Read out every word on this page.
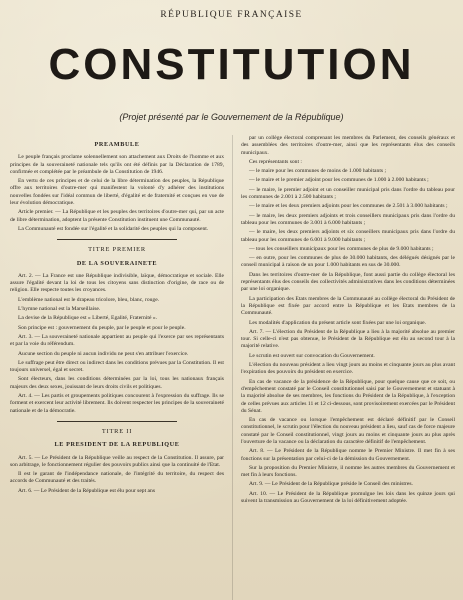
RÉPUBLIQUE FRANÇAISE
CONSTITUTION
(Projet présenté par le Gouvernement de la République)
PREAMBULE

Le peuple français proclame solennellement son attachement aux Droits de l'homme et aux principes de la souveraineté nationale tels qu'ils ont été définis par la Déclaration de 1789, confirmée et complétée par le préambule de la Constitution de 1946.

En vertu de ces principes et de celui de la libre détermination des peuples, la République offre aux territoires d'outre-mer qui manifestent la volonté d'y adhérer des institutions nouvelles fondées sur l'idéal commun de liberté, d'égalité et de fraternité et conçues en vue de leur évolution démocratique.

Article premier. — La République et les peuples des territoires d'outre-mer qui, par un acte de libre détermination, adoptent la présente Constitution instituent une Communauté.

La Communauté est fondée sur l'égalité et la solidarité des peuples qui la composent.

TITRE PREMIER
DE LA SOUVERAINETE

Art. 2. — La France est une République indivisible, laïque, démocratique et sociale. Elle assure l'égalité devant la loi de tous les citoyens sans distinction d'origine, de race ou de religion. Elle respecte toutes les croyances.

L'emblème national est le drapeau tricolore, bleu, blanc, rouge.

L'hymne national est la Marseillaise.

La devise de la République est « Liberté, Egalité, Fraternité ».

Son principe est : gouvernement du peuple, par le peuple et pour le peuple.

Art. 3. — La souveraineté nationale appartient au peuple qui l'exerce par ses représentants et par la voie du référendum.

Aucune section du peuple ni aucun individu ne peut s'en attribuer l'exercice.

Le suffrage peut être direct ou indirect dans les conditions prévues par la Constitution. Il est toujours universel, égal et secret.

Sont électeurs, dans les conditions déterminées par la loi, tous les nationaux français majeurs des deux sexes, jouissant de leurs droits civils et politiques.

Art. 4. — Les partis et groupements politiques concourent à l'expression du suffrage. Ils se forment et exercent leur activité librement. Ils doivent respecter les principes de la souveraineté nationale et de la démocratie.

TITRE II
LE PRESIDENT DE LA REPUBLIQUE

Art. 5. — Le Président de la République veille au respect de la Constitution. Il assure, par son arbitrage, le fonctionnement régulier des pouvoirs publics ainsi que la continuité de l'Etat.

Il est le garant de l'indépendance nationale, de l'intégrité du territoire, du respect des accords de Communauté et des traités.

Art. 6. — Le Président de la République est élu pour sept ans

par un collège électoral comprenant les membres du Parlement, des conseils généraux et des assemblées des territoires d'outre-mer, ainsi que les représentants élus des conseils municipaux.

Ces représentants sont :

— le maire pour les communes de moins de 1.000 habitants ;

— le maire et le premier adjoint pour les communes de 1.000 à 2.000 habitants ;

— le maire, le premier adjoint et un conseiller municipal pris dans l'ordre du tableau pour les communes de 2.001 à 2.500 habitants ;

— le maire et les deux premiers adjoints pour les communes de 2.501 à 3.000 habitants ;

— le maire, les deux premiers adjoints et trois conseillers municipaux pris dans l'ordre du tableau pour les communes de 3.001 à 6.000 habitants ;

— le maire, les deux premiers adjoints et six conseillers municipaux pris dans l'ordre du tableau pour les communes de 6.001 à 9.000 habitants ;

— tous les conseillers municipaux pour les communes de plus de 9.000 habitants ;

— en outre, pour les communes de plus de 30.000 habitants, des délégués désignés par le conseil municipal à raison de un pour 1.000 habitants en sus de 30.000.

Dans les territoires d'outre-mer de la République, font aussi partie du collège électoral les représentants élus des conseils des collectivités administratives dans les conditions déterminées par une loi organique.

La participation des Etats membres de la Communauté au collège électoral du Président de la République est fixée par accord entre la République et les Etats membres de la Communauté.

Les modalités d'application du présent article sont fixées par une loi organique.

Art. 7. — L'élection du Président de la République a lieu à la majorité absolue au premier tour. Si celle-ci n'est pas obtenue, le Président de la République est élu au second tour à la majorité relative.

Le scrutin est ouvert sur convocation du Gouvernement.

L'élection du nouveau président a lieu vingt jours au moins et cinquante jours au plus avant l'expiration des pouvoirs du président en exercice.

En cas de vacance de la présidence de la République, pour quelque cause que ce soit, ou d'empêchement constaté par le Conseil constitutionnel saisi par le Gouvernement et statuant à la majorité absolue de ses membres, les fonctions du Président de la République, à l'exception de celles prévues aux articles 11 et 12 ci-dessous, sont provisoirement exercées par le Président du Sénat.

En cas de vacance ou lorsque l'empêchement est déclaré définitif par le Conseil constitutionnel, le scrutin pour l'élection du nouveau président a lieu, sauf cas de force majeure constaté par le Conseil constitutionnel, vingt jours au moins et cinquante jours au plus après l'ouverture de la vacance ou la déclaration du caractère définitif de l'empêchement.

Art. 8. — Le Président de la République nomme le Premier Ministre. Il met fin à ses fonctions sur la présentation par celui-ci de la démission du Gouvernement.

Sur la proposition du Premier Ministre, il nomme les autres membres du Gouvernement et met fin à leurs fonctions.

Art. 9. — Le Président de la République préside le Conseil des ministres.

Art. 10. — Le Président de la République promulgue les lois dans les quinze jours qui suivent la transmission au Gouvernement de la loi définitivement adoptée.
